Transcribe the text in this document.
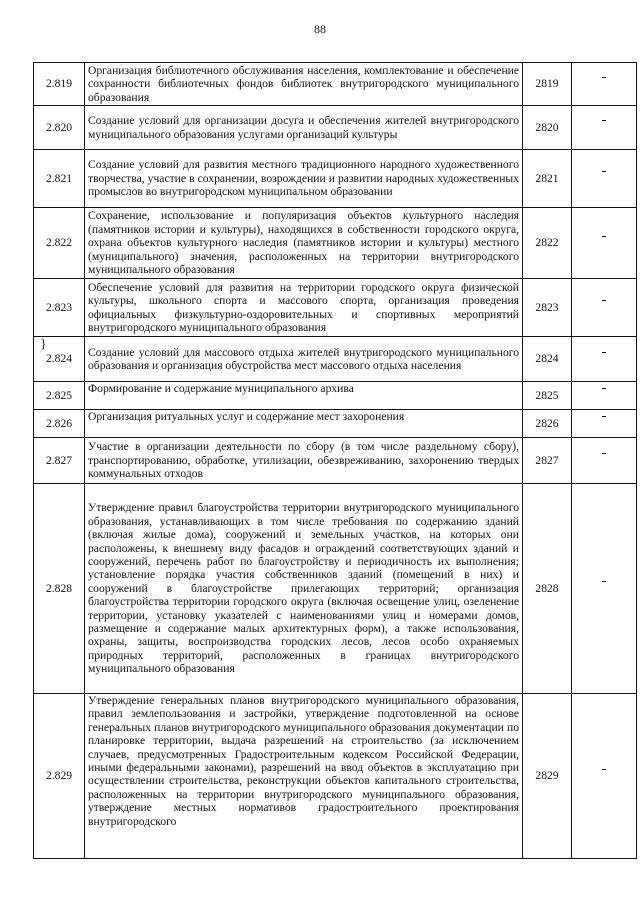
88
}
2.819	Организация библиотечного обслуживания населения, комплектование и обеспечение сохранности библиотечных фондов библиотек внутригородского муниципального образования	2819	
2.820	Создание условий для организации досуга и обеспечения жителей внутригородского муниципального образования услугами организаций культуры	2820	
2.821	Создание условий для развития местного традиционного народного художественного творчества, участие в сохранении, возрождении и развитии народных художественных промыслов во внутригородском муниципальном образовании	2821	
2.822	Сохранение, использование и популяризация объектов культурного наследия (памятников истории и культуры), находящихся в собственности городского округа, охрана объектов культурного наследия (памятников истории и культуры) местного (муниципального) значения, расположенных на территории внутригородского муниципального образования	2822	
2.823	Обеспечение условий для развития на территории городского округа физической культуры, школьного спорта и массового спорта, организация проведения официальных физкультурно-оздоровительных и спортивных мероприятий внутригородского муниципального образования	2823	
2.824	Создание условий для массового отдыха жителей внутригородского муниципального образования и организация обустройства мест массового отдыха населения	2824	
2.825	Формирование и содержание муниципального архива	2825	
2.826	Организация ритуальных услуг и содержание мест захоронения	2826	
2.827	Участие в организации деятельности по сбору (в том числе раздельному сбору), транспортированию, обработке, утилизации, обезвреживанию, захоронению твердых коммунальных отходов	2827	
2.828	Утверждение правил благоустройства территории внутригородского муниципального образования, устанавливающих в том числе требования по содержанию зданий (включая жилые дома), сооружений и земельных участков, на которых они расположены, к внешнему виду фасадов и ограждений соответствующих зданий и сооружений, перечень работ по благоустройству и периодичность их выполнения; установление порядка участия собственников зданий (помещений в них) и сооружений в благоустройстве прилегающих территорий; организация благоустройства территории городского округа (включая освещение улиц, озеленение территории, установку указателей с наименованиями улиц и номерами домов, размещение и содержание малых архитектурных форм), а также использования, охраны, защиты, воспроизводства городских лесов, лесов особо охраняемых природных территорий, расположенных в границах внутригородского муниципального образования	2828	
2.829	Утверждение генеральных планов внутригородского муниципального образования, правил землепользования и застройки, утверждение подготовленной на основе генеральных планов внутригородского муниципального образования документации по планировке территории, выдача разрешений на строительство (за исключением случаев, предусмотренных Градостроительным кодексом Российской Федерации, иными федеральными законами), разрешений на ввод объектов в эксплуатацию при осуществлении строительства, реконструкции объектов капитального строительства, расположенных на территории внутригородского муниципального образования, утверждение местных нормативов градостроительного проектирования внутригородского	2829	
